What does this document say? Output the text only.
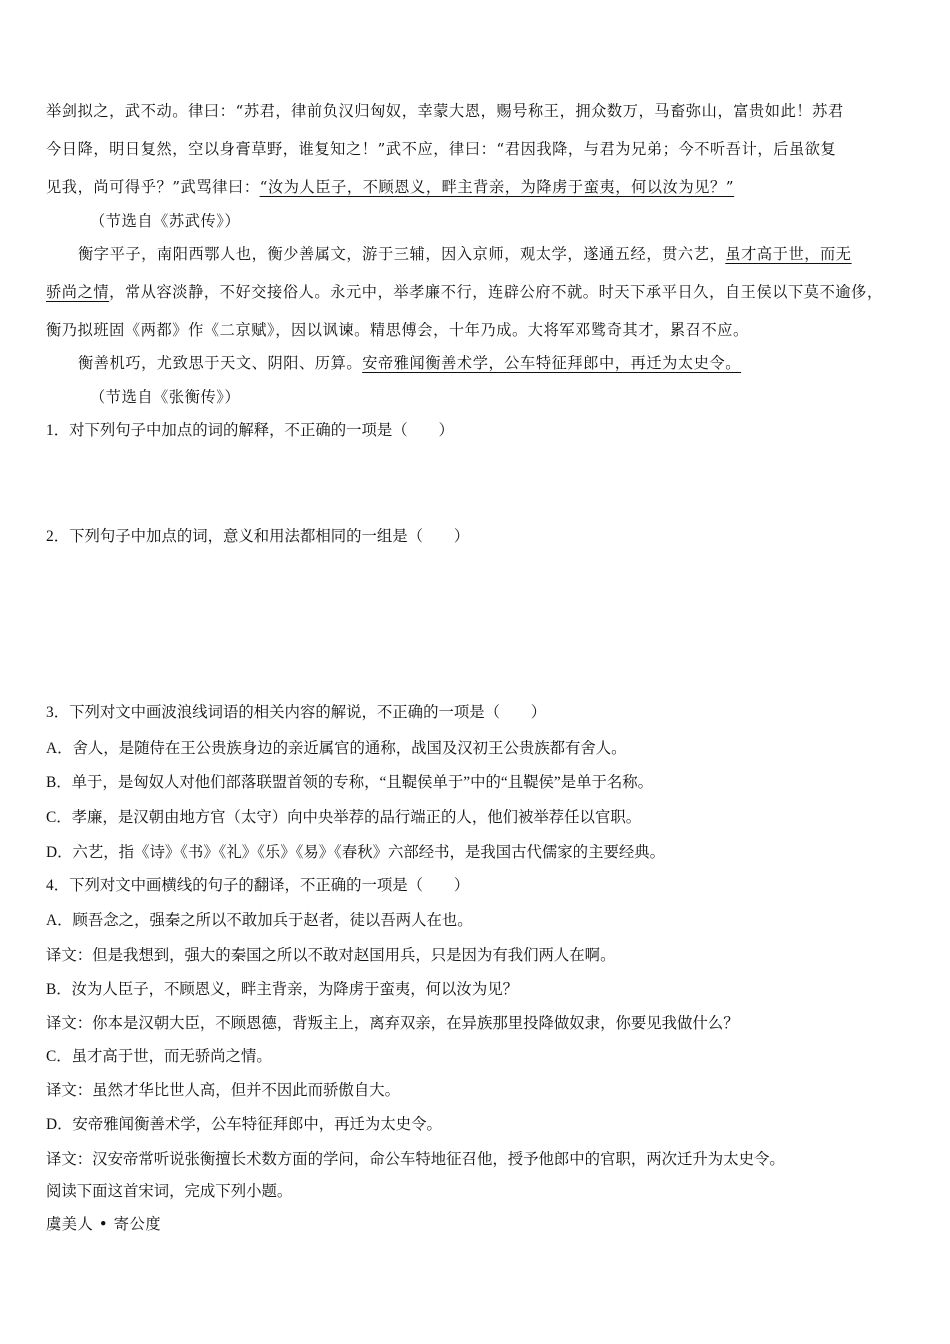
举剑拟之，武不动。律曰：“苏君，律前负汉归匈奴，幸蒙大恩，赐号称王，拥众数万，马畜弥山，富贵如此！苏君
今日降，明日复然，空以身膏草野，谁复知之！”武不应，律曰：“君因我降，与君为兄弟；今不听吾计，后虽欲复
见我，尚可得乎？”武骂律曰：“汝为人臣子，不顾恩义，畔主背亲，为降虏于蛮夷，何以汝为见？”
（节选自《苏武传》）
衡字平子，南阳西鄂人也，衡少善属文，游于三辅，因入京师，观太学，遂通五经，贯六艺，虽才高于世，而无
骄尚之情，常从容淡静，不好交接俗人。永元中，举孝廉不行，连辟公府不就。时天下承平日久，自王侯以下莫不逾侈，
衡乃拟班固《两都》作《二京赋》，因以讽谏。精思傅会，十年乃成。大将军邓骘奇其才，累召不应。
衡善机巧，尤致思于天文、阴阳、历算。安帝雅闻衡善术学，公车特征拜郎中，再迁为太史令。
（节选自《张衡传》）
1．对下列句子中加点的词的解释，不正确的一项是（　　）
2．下列句子中加点的词，意义和用法都相同的一组是（　　）
3．下列对文中画波浪线词语的相关内容的解说，不正确的一项是（　　）
A．舍人，是随侍在王公贵族身边的亲近属官的通称，战国及汉初王公贵族都有舍人。
B．单于，是匈奴人对他们部落联盟首领的专称，“且鞮侯单于”中的“且鞮侯”是单于名称。
C．孝廉，是汉朝由地方官（太守）向中央举荐的品行端正的人，他们被举荐任以官职。
D．六艺，指《诗》《书》《礼》《乐》《易》《春秋》六部经书，是我国古代儒家的主要经典。
4．下列对文中画横线的句子的翻译，不正确的一项是（　　）
A．顾吾念之，强秦之所以不敢加兵于赵者，徒以吾两人在也。
译文：但是我想到，强大的秦国之所以不敢对赵国用兵，只是因为有我们两人在啊。
B．汝为人臣子，不顾恩义，畔主背亲，为降虏于蛮夷，何以汝为见？
译文：你本是汉朝大臣，不顾恩德，背叛主上，离弃双亲，在异族那里投降做奴隶，你要见我做什么？
C．虽才高于世，而无骄尚之情。
译文：虽然才华比世人高，但并不因此而骄傲自大。
D．安帝雅闻衡善术学，公车特征拜郎中，再迁为太史令。
译文：汉安帝常听说张衡擅长术数方面的学问，命公车特地征召他，授予他郎中的官职，两次迁升为太史令。
阅读下面这首宋词，完成下列小题。
虞美人 • 寄公度
